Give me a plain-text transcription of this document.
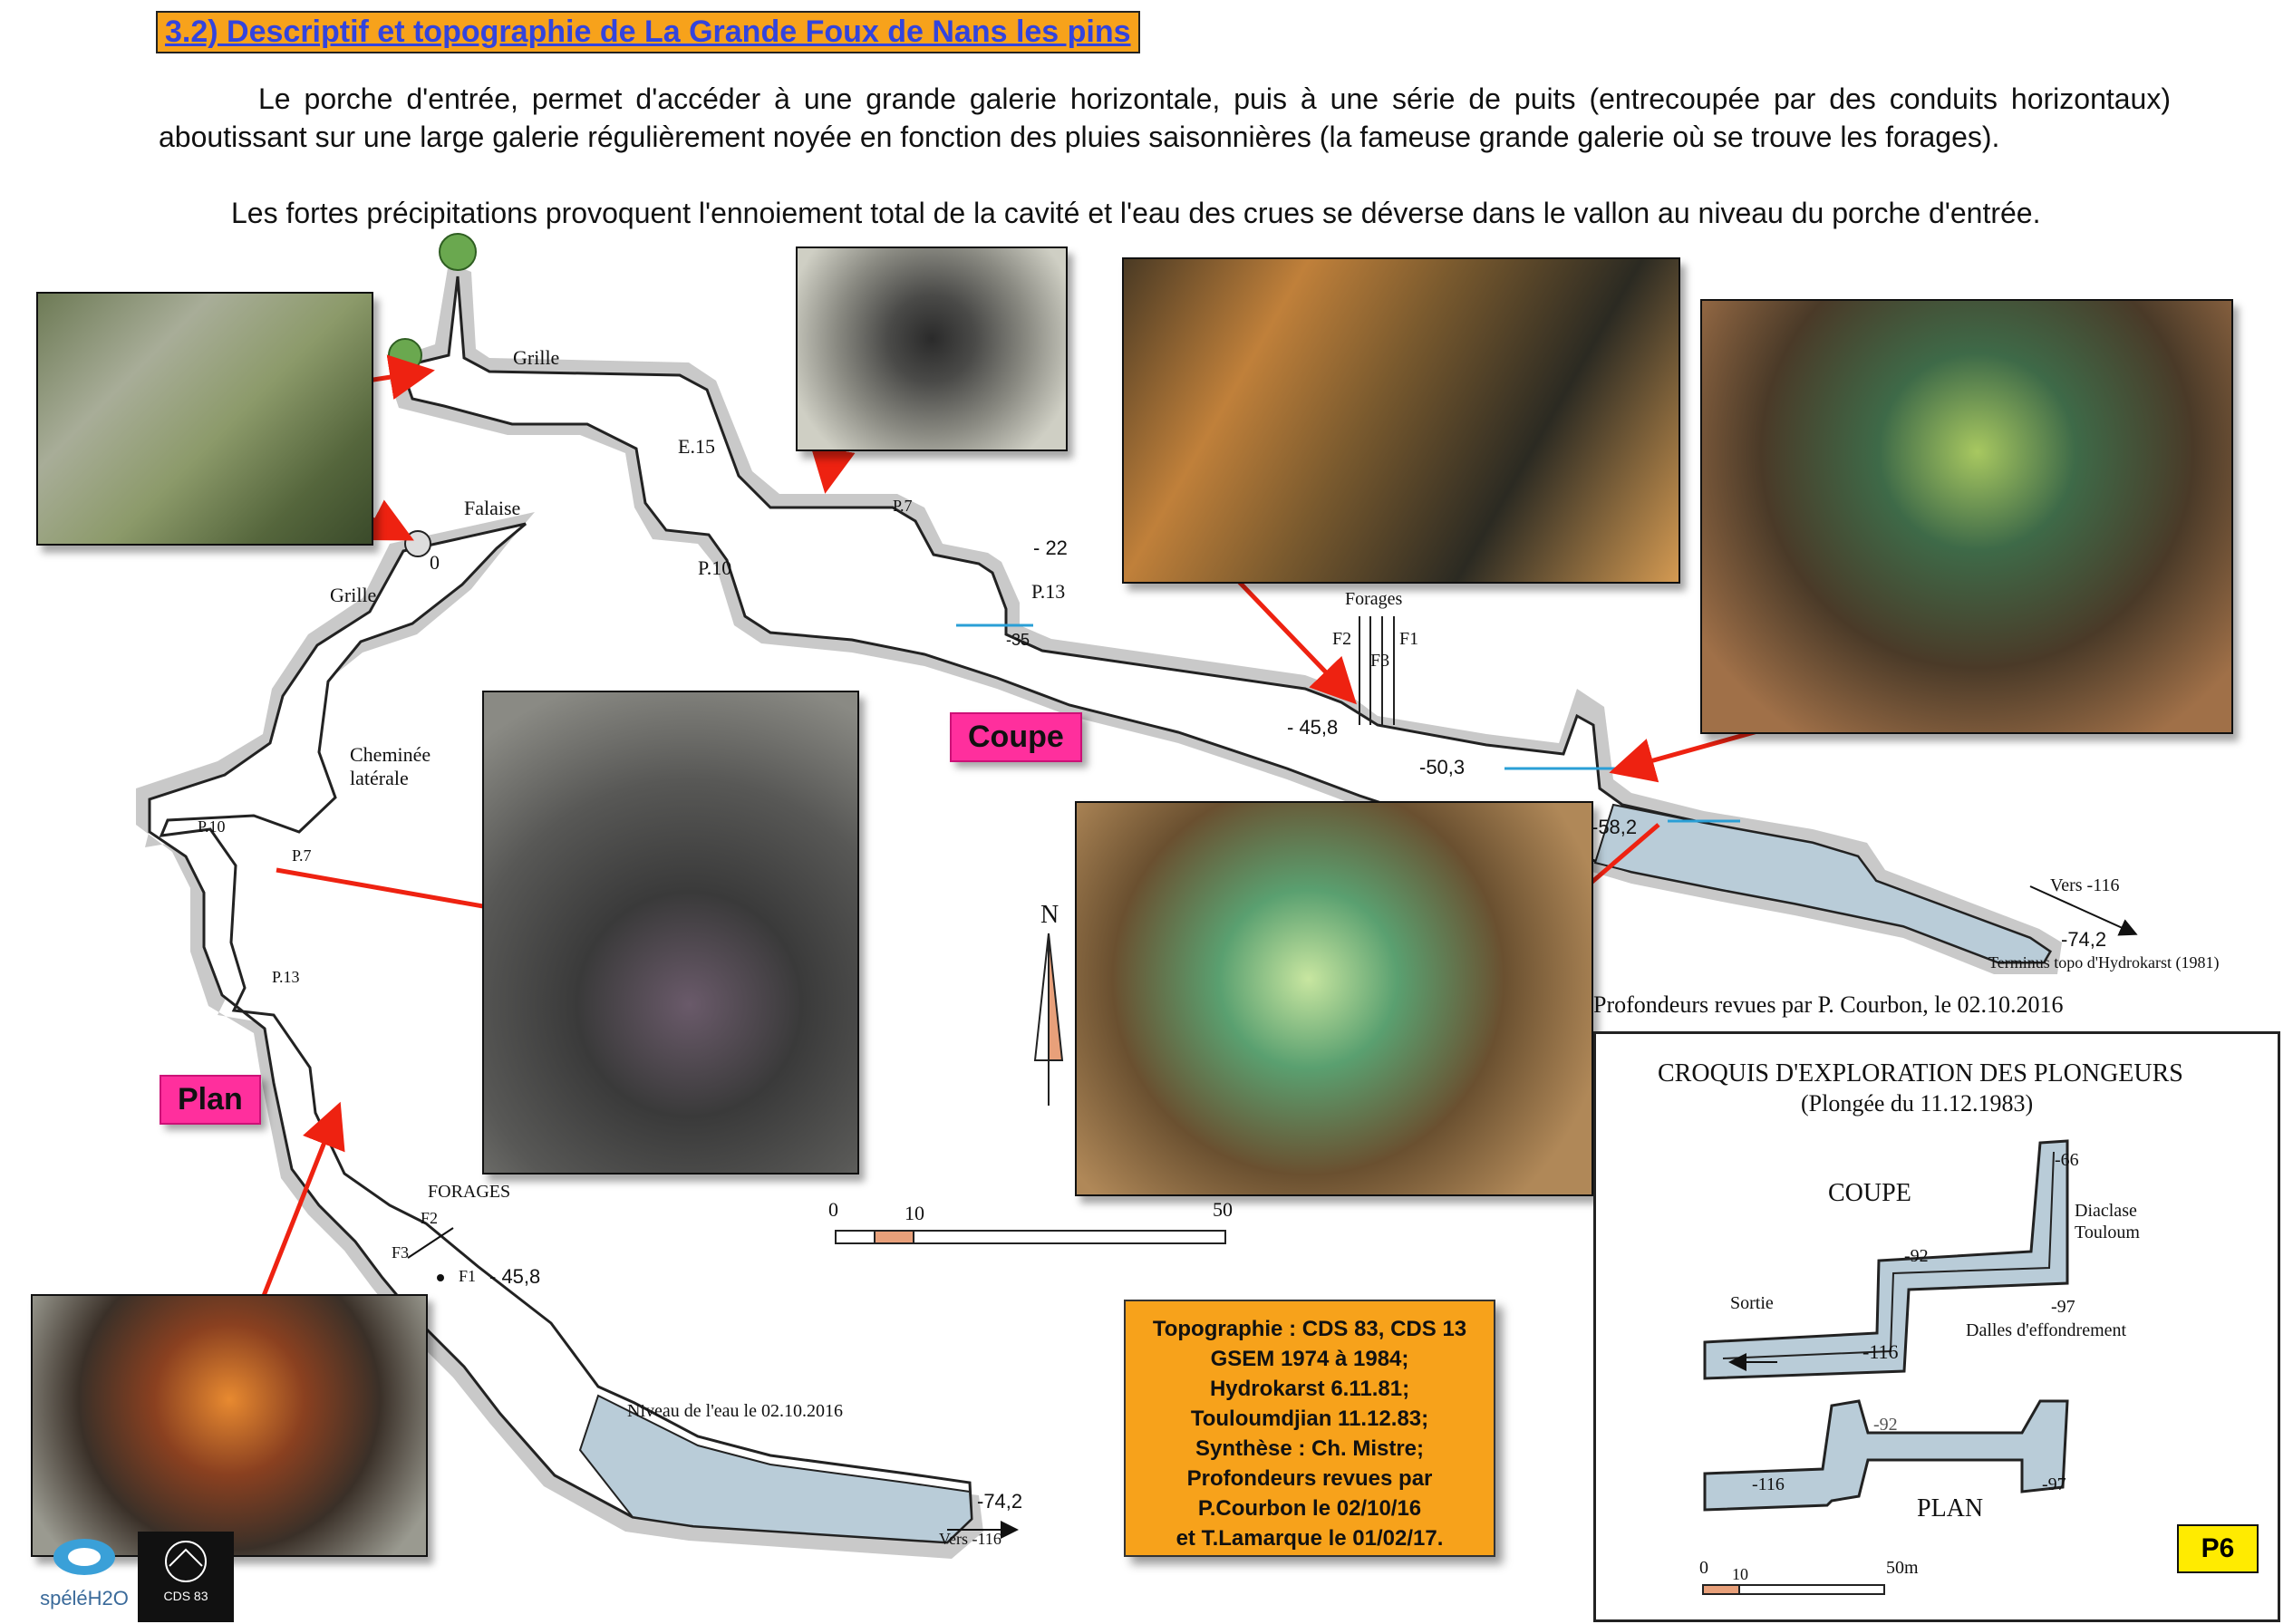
3.2) Descriptif et topographie de La Grande Foux de Nans les pins
Le porche d'entrée, permet d'accéder à une grande galerie horizontale, puis à une série de puits (entrecoupée par des conduits horizontaux) aboutissant sur une large galerie régulièrement noyée en fonction des pluies saisonnières (la fameuse grande galerie où se trouve les forages).
Les fortes précipitations provoquent l'ennoiement total de la cavité et l'eau des crues se déverse dans le vallon au niveau du porche d'entrée.
Coupe
Plan
Grille
E.15
P.7
P.10
P.13
- 22
-35
Forages
F2
F3
F1
- 45,8
-50,3
-58,2
Vers -116
-74,2
Terminus topo d'Hydrokarst (1981)
Profondeurs revues par P. Courbon, le 02.10.2016
Falaise
0
Grille
Cheminée
latérale
P.10
P.7
P.13
FORAGES
F2
F3
F1 - 45,8
Niveau de l'eau le 02.10.2016
-74,2
Vers -116
N
0	10	50
Topographie : CDS 83, CDS 13
GSEM 1974 à 1984;
Hydrokarst 6.11.81;
Touloumdjian 11.12.83;
Synthèse : Ch. Mistre;
Profondeurs revues par
P.Courbon le 02/10/16
et T.Lamarque le 01/02/17.
CROQUIS D'EXPLORATION DES PLONGEURS
(Plongée du 11.12.1983)
COUPE
PLAN
-66
Diaclase
Touloum
-92
-97
Dalles d'effondrement
Sortie
-116
-92
-116	-97
0 10	50m
P6
spéléH2O	CDS 83
